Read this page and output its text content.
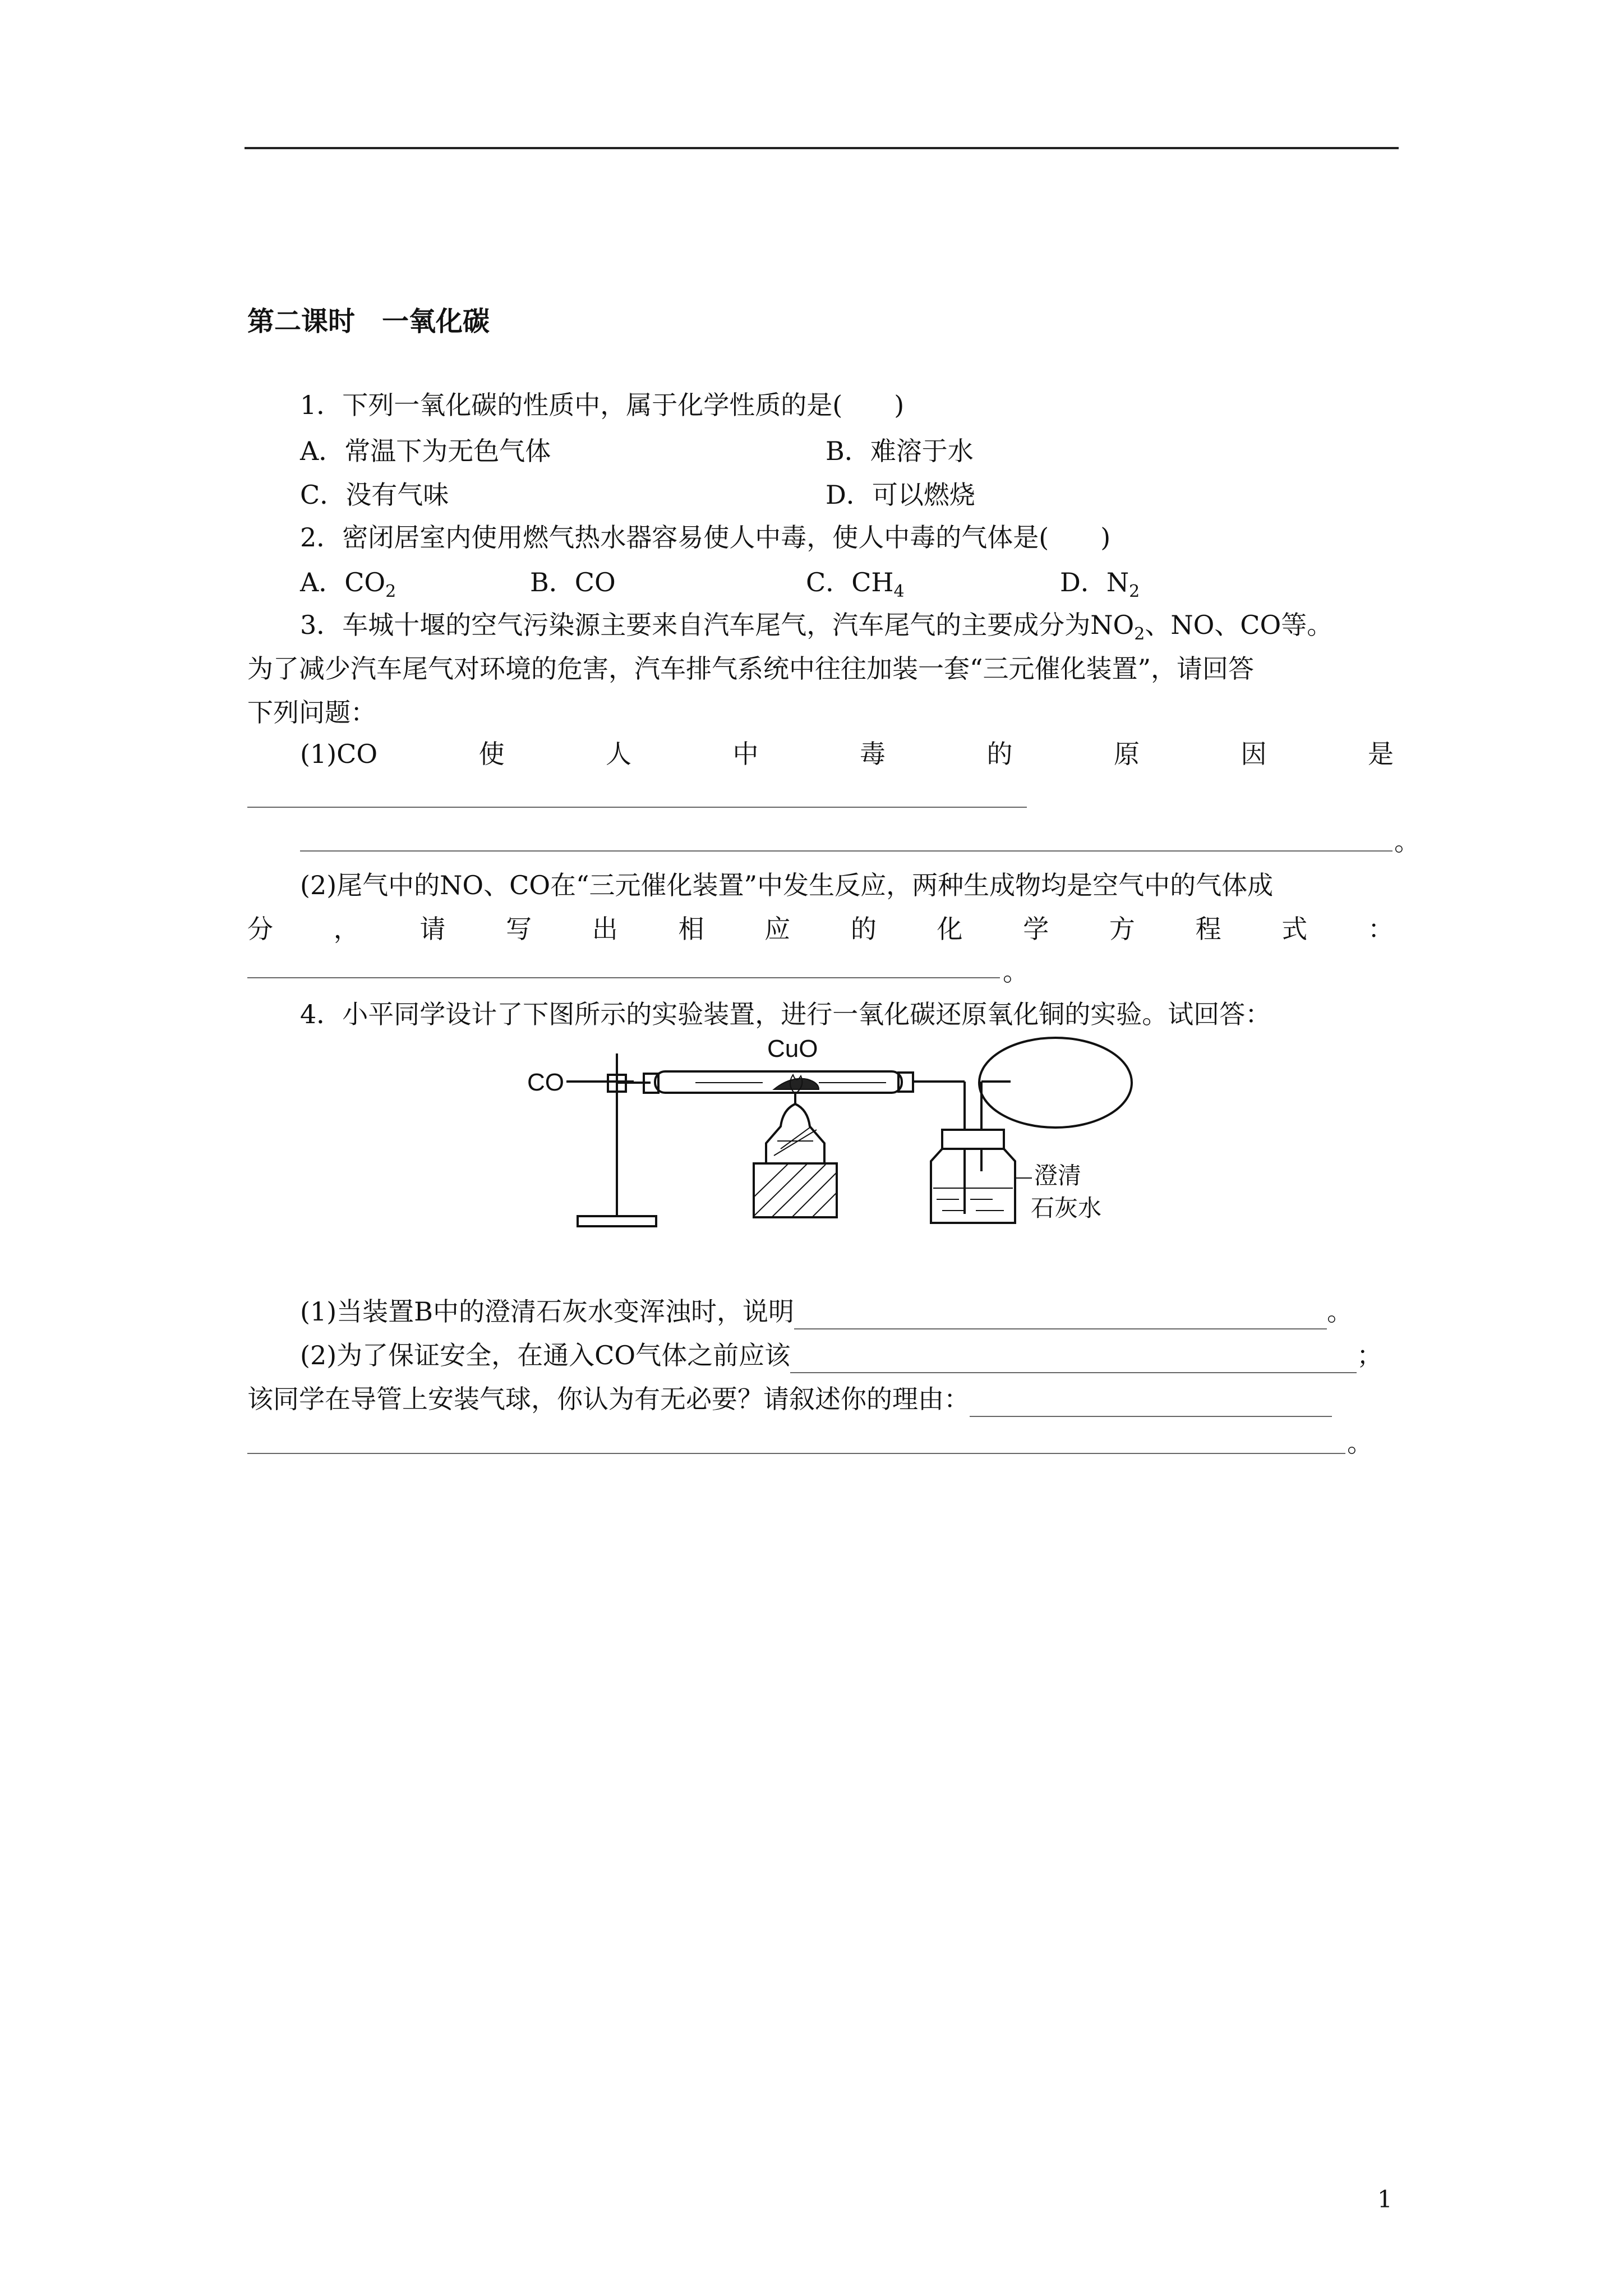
第二课时　一氧化碳
1．下列一氧化碳的性质中，属于化学性质的是(　　)
A．常温下为无色气体	B．难溶于水
C．没有气味	D．可以燃烧
2．密闭居室内使用燃气热水器容易使人中毒，使人中毒的气体是(　　)
A．$CO_2$	B．CO	C．$CH_4$	D．$N_2$
3．车城十堰的空气污染源主要来自汽车尾气，汽车尾气的主要成分为$NO_2$、NO、CO等。
为了减少汽车尾气对环境的危害，汽车排气系统中往往加装一套“三元催化装置”，请回答
下列问题：
(1)CO	使	人	中	毒	的	原	因	是
。
(2)尾气中的NO、CO在“三元催化装置”中发生反应，两种生成物均是空气中的气体成
分 ， 请 写 出 相 应 的 化 学 方 程 式 ：
。
4．小平同学设计了下图所示的实验装置，进行一氧化碳还原氧化铜的实验。试回答：
CO
CuO
澄清
石灰水
(1)当装置B中的澄清石灰水变浑浊时，说明	。
(2)为了保证安全，在通入CO气体之前应该	；
该同学在导管上安装气球，你认为有无必要？请叙述你的理由：
。
1
